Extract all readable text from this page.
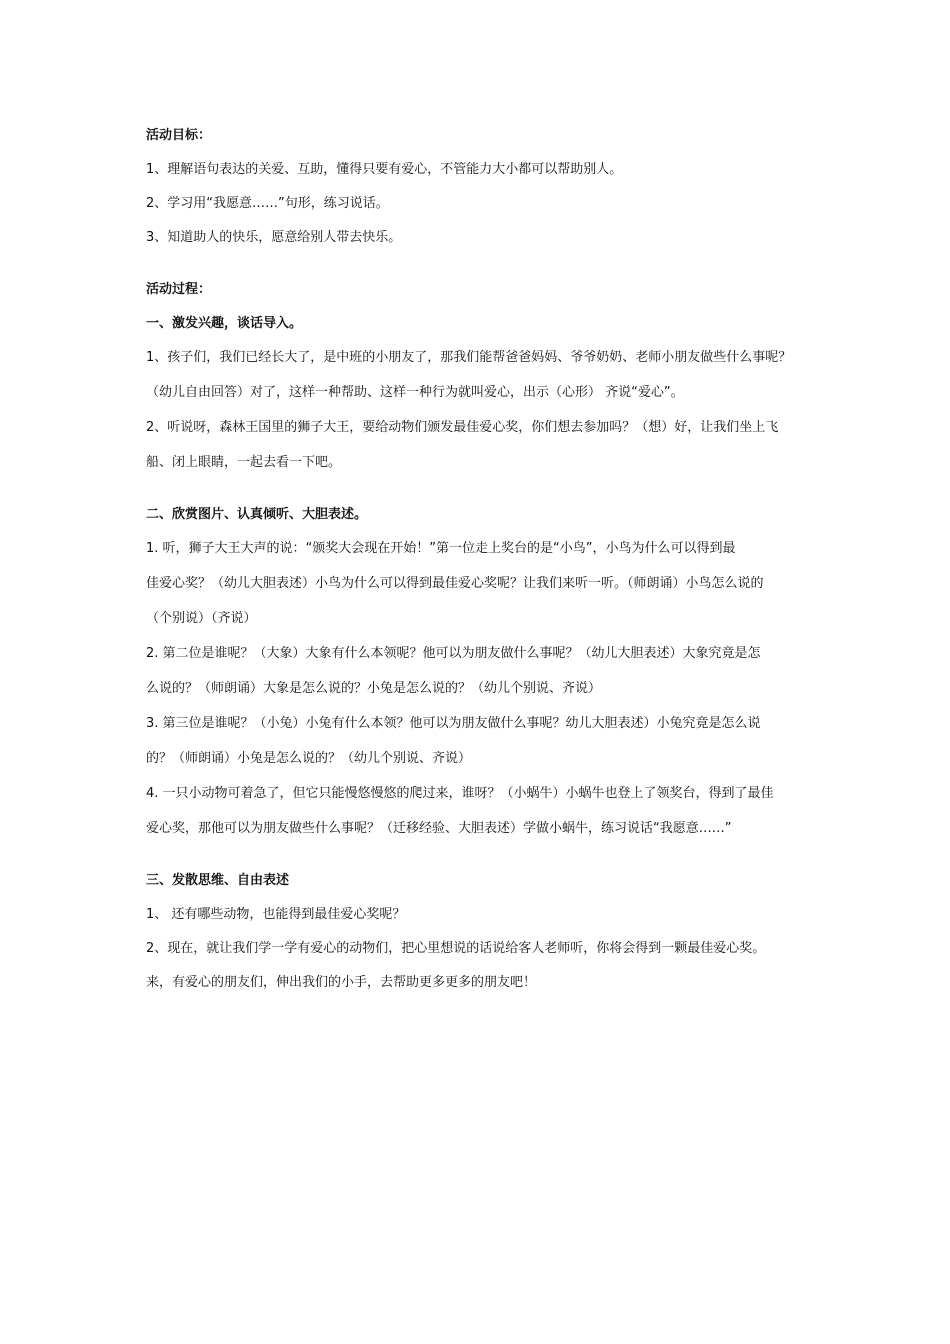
活动目标：

1、理解语句表达的关爱、互助，懂得只要有爱心，不管能力大小都可以帮助别人。

2、学习用“我愿意……”句形，练习说话。

3、知道助人的快乐，愿意给别人带去快乐。

活动过程：

一、激发兴趣，谈话导入。

1、孩子们，我们已经长大了，是中班的小朋友了，那我们能帮爸爸妈妈、爷爷奶奶、老师小朋友做些什么事呢？

（幼儿自由回答）对了，这样一种帮助、这样一种行为就叫爱心，出示（心形） 齐说“爱心”。

2、听说呀，森林王国里的狮子大王，要给动物们颁发最佳爱心奖，你们想去参加吗？（想）好，让我们坐上飞

船、闭上眼睛，一起去看一下吧。

二、欣赏图片、认真倾听、大胆表述。

1. 听，狮子大王大声的说：“颁奖大会现在开始！”第一位走上奖台的是“小鸟”，小鸟为什么可以得到最

佳爱心奖？（幼儿大胆表述）小鸟为什么可以得到最佳爱心奖呢？让我们来听一听。（师朗诵）小鸟怎么说的

（个别说）（齐说）

2. 第二位是谁呢？（大象）大象有什么本领呢？他可以为朋友做什么事呢？（幼儿大胆表述）大象究竟是怎

么说的？（师朗诵）大象是怎么说的？小兔是怎么说的？（幼儿个别说、齐说）

3. 第三位是谁呢？（小兔）小兔有什么本领？他可以为朋友做什么事呢？幼儿大胆表述）小兔究竟是怎么说

的？（师朗诵）小兔是怎么说的？（幼儿个别说、齐说）

4. 一只小动物可着急了，但它只能慢悠慢悠的爬过来，谁呀？（小蜗牛）小蜗牛也登上了领奖台，得到了最佳

爱心奖，那他可以为朋友做些什么事呢？（迁移经验、大胆表述）学做小蜗牛，练习说话“我愿意……”

三、发散思维、自由表述

1、 还有哪些动物，也能得到最佳爱心奖呢？

2、现在，就让我们学一学有爱心的动物们，把心里想说的话说给客人老师听，你将会得到一颗最佳爱心奖。

来，有爱心的朋友们，伸出我们的小手，去帮助更多更多的朋友吧！
